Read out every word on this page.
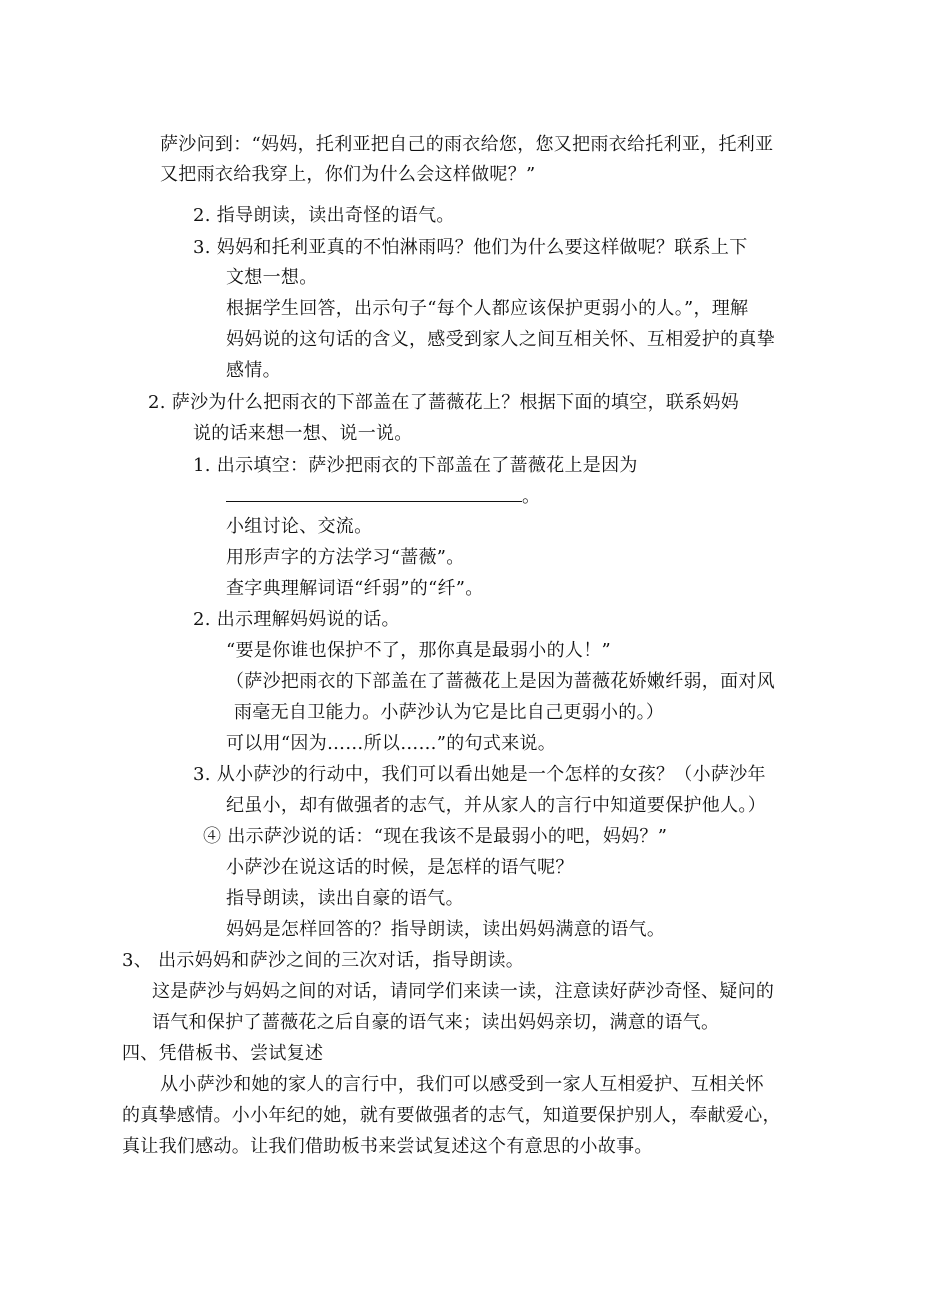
萨沙问到：“妈妈，托利亚把自己的雨衣给您，您又把雨衣给托利亚，托利亚
又把雨衣给我穿上，你们为什么会这样做呢？”
2. 指导朗读，读出奇怪的语气。
3. 妈妈和托利亚真的不怕淋雨吗？他们为什么要这样做呢？联系上下
文想一想。
根据学生回答，出示句子“每个人都应该保护更弱小的人。”，理解
妈妈说的这句话的含义，感受到家人之间互相关怀、互相爱护的真挚
感情。
2. 萨沙为什么把雨衣的下部盖在了蔷薇花上？根据下面的填空，联系妈妈
说的话来想一想、说一说。
1. 出示填空：萨沙把雨衣的下部盖在了蔷薇花上是因为
。
小组讨论、交流。
用形声字的方法学习“蔷薇”。
查字典理解词语“纤弱”的“纤”。
2. 出示理解妈妈说的话。
“要是你谁也保护不了，那你真是最弱小的人！”
（萨沙把雨衣的下部盖在了蔷薇花上是因为蔷薇花娇嫩纤弱，面对风
雨毫无自卫能力。小萨沙认为它是比自己更弱小的。）
可以用“因为……所以……”的句式来说。
3. 从小萨沙的行动中，我们可以看出她是一个怎样的女孩？（小萨沙年
纪虽小，却有做强者的志气，并从家人的言行中知道要保护他人。）
④ 出示萨沙说的话：“现在我该不是最弱小的吧，妈妈？”
小萨沙在说这话的时候，是怎样的语气呢？
指导朗读，读出自豪的语气。
妈妈是怎样回答的？指导朗读，读出妈妈满意的语气。
3、 出示妈妈和萨沙之间的三次对话，指导朗读。
这是萨沙与妈妈之间的对话，请同学们来读一读，注意读好萨沙奇怪、疑问的
语气和保护了蔷薇花之后自豪的语气来；读出妈妈亲切，满意的语气。
四、凭借板书、尝试复述
从小萨沙和她的家人的言行中，我们可以感受到一家人互相爱护、互相关怀
的真挚感情。小小年纪的她，就有要做强者的志气，知道要保护别人，奉献爱心，
真让我们感动。让我们借助板书来尝试复述这个有意思的小故事。
